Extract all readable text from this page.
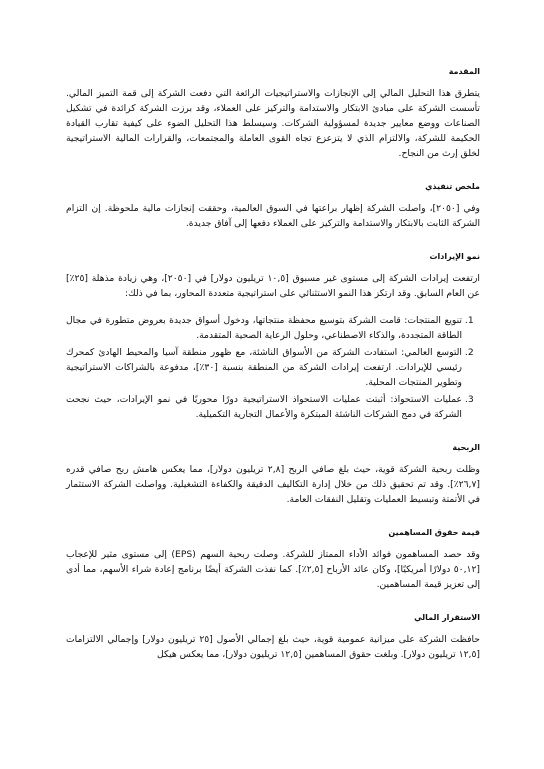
المقدمة

يتطرق هذا التحليل المالي إلى الإنجازات والاستراتيجيات الرائعة التي دفعت الشركة إلى قمة التميز المالي. تأسست الشركة على مبادئ الابتكار والاستدامة والتركيز على العملاء، وقد برزت الشركة كرائدة في تشكيل الصناعات ووضع معايير جديدة لمسؤولية الشركات. وسيسلط هذا التحليل الضوء على كيفية تقارب القيادة الحكيمة للشركة، والالتزام الذي لا يتزعزع تجاه القوى العاملة والمجتمعات، والقرارات المالية الاستراتيجية لخلق إرث من النجاح.

ملخص تنفيذي

وفي [٢٠٥٠]، واصلت الشركة إظهار براعتها في السوق العالمية، وحققت إنجازات مالية ملحوظة. إن التزام الشركة الثابت بالابتكار والاستدامة والتركيز على العملاء دفعها إلى آفاق جديدة.

نمو الإيرادات

ارتفعت إيرادات الشركة إلى مستوى غير مسبوق [١٠,٥ تريليون دولار] في [٢٠٥٠]، وهي زيادة مذهلة [٢٥٪] عن العام السابق. وقد ارتكز هذا النمو الاستثنائي على استراتيجية متعددة المحاور، بما في ذلك:

1. تنويع المنتجات: قامت الشركة بتوسيع محفظة منتجاتها، ودخول أسواق جديدة بعروض متطورة في مجال الطاقة المتجددة، والذكاء الاصطناعي، وحلول الرعاية الصحية المتقدمة.
2. التوسع العالمي: استفادت الشركة من الأسواق الناشئة، مع ظهور منطقة آسيا والمحيط الهادئ كمحرك رئيسي للإيرادات. ارتفعت إيرادات الشركة من المنطقة بنسبة [٣٠٪]، مدفوعة بالشراكات الاستراتيجية وتطوير المنتجات المحلية.
3. عمليات الاستحواذ: أثبتت عمليات الاستحواذ الاستراتيجية دورًا محوريًا في نمو الإيرادات، حيث نجحت الشركة في دمج الشركات الناشئة المبتكرة والأعمال التجارية التكميلية.
الربحية

وظلت ربحية الشركة قوية، حيث بلغ صافي الربح [٢,٨ تريليون دولار]، مما يعكس هامش ربح صافي قدره [٢٦,٧٪]. وقد تم تحقيق ذلك من خلال إدارة التكاليف الدقيقة والكفاءة التشغيلية. وواصلت الشركة الاستثمار في الأتمتة وتبسيط العمليات وتقليل النفقات العامة.

قيمة حقوق المساهمين

وقد حصد المساهمون فوائد الأداء الممتاز للشركة. وصلت ربحية السهم (EPS) إلى مستوى مثير للإعجاب [٥٠,١٢ دولارًا أمريكيًا]، وكان عائد الأرباح [٢,٥٪]. كما نفذت الشركة أيضًا برنامج إعادة شراء الأسهم، مما أدى إلى تعزيز قيمة المساهمين.

الاستقرار المالي

حافظت الشركة على ميزانية عمومية قوية، حيث بلغ إجمالي الأصول [٢٥ تريليون دولار] وإجمالي الالتزامات [١٢,٥ تريليون دولار]. وبلغت حقوق المساهمين [١٢,٥ تريليون دولار]، مما يعكس هيكل
